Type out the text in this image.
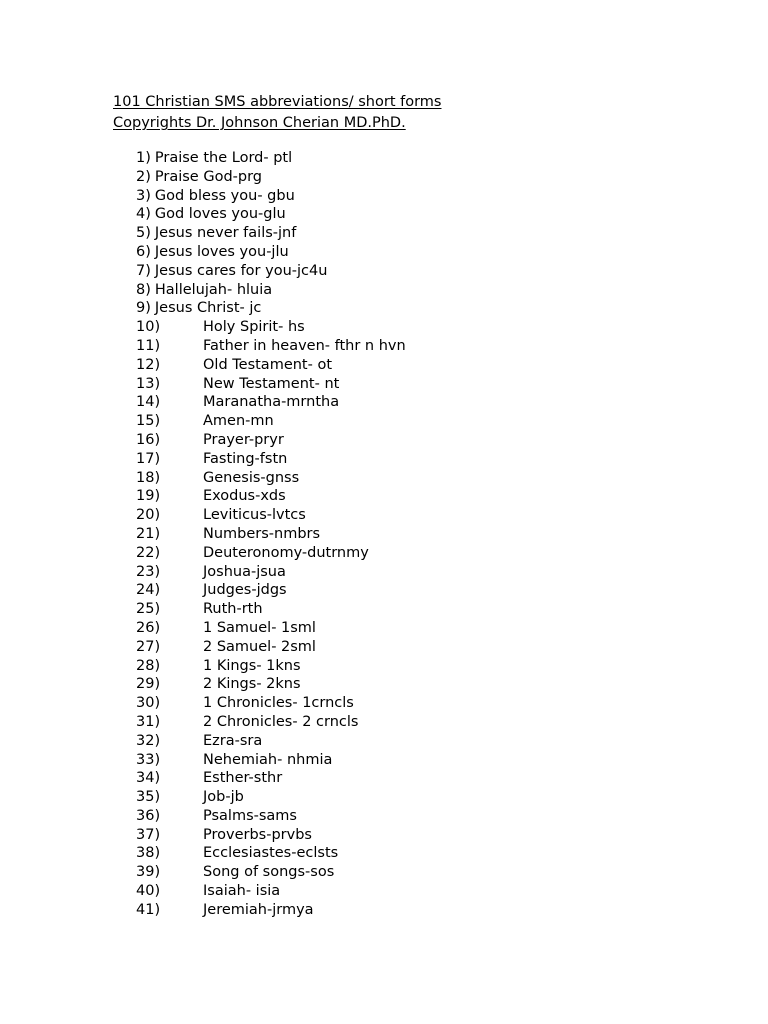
101 Christian SMS abbreviations/ short forms
Copyrights Dr. Johnson Cherian MD.PhD.
1) Praise the Lord- ptl
2) Praise God-prg
3) God bless you- gbu
4) God loves you-glu
5) Jesus never fails-jnf
6) Jesus loves you-jlu
7) Jesus cares for you-jc4u
8) Hallelujah- hluia
9) Jesus Christ- jc
10)	Holy Spirit- hs
11)	Father in heaven- fthr n hvn
12)	Old Testament- ot
13)	New Testament- nt
14)	Maranatha-mrntha
15)	Amen-mn
16)	Prayer-pryr
17)	Fasting-fstn
18)	Genesis-gnss
19)	Exodus-xds
20)	Leviticus-lvtcs
21)	Numbers-nmbrs
22)	Deuteronomy-dutrnmy
23)	Joshua-jsua
24)	Judges-jdgs
25)	Ruth-rth
26)	1 Samuel- 1sml
27)	2 Samuel- 2sml
28)	1 Kings- 1kns
29)	2 Kings- 2kns
30)	1 Chronicles- 1crncls
31)	2 Chronicles- 2 crncls
32)	Ezra-sra
33)	Nehemiah- nhmia
34)	Esther-sthr
35)	Job-jb
36)	Psalms-sams
37)	Proverbs-prvbs
38)	Ecclesiastes-eclsts
39)	Song of songs-sos
40)	Isaiah- isia
41)	Jeremiah-jrmya
